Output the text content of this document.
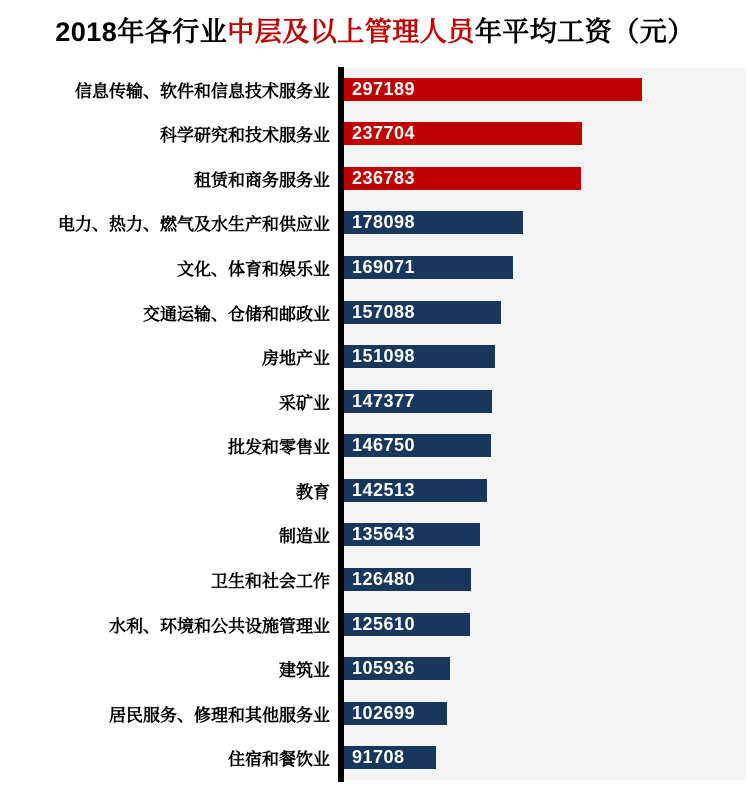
2018年各行业中层及以上管理人员年平均工资（元）
信息传输、软件和信息技术服务业	297189
科学研究和技术服务业	237704
租赁和商务服务业	236783
电力、热力、燃气及水生产和供应业	178098
文化、体育和娱乐业	169071
交通运输、仓储和邮政业	157088
房地产业	151098
采矿业	147377
批发和零售业	146750
教育	142513
制造业	135643
卫生和社会工作	126480
水利、环境和公共设施管理业	125610
建筑业	105936
居民服务、修理和其他服务业	102699
住宿和餐饮业	91708
